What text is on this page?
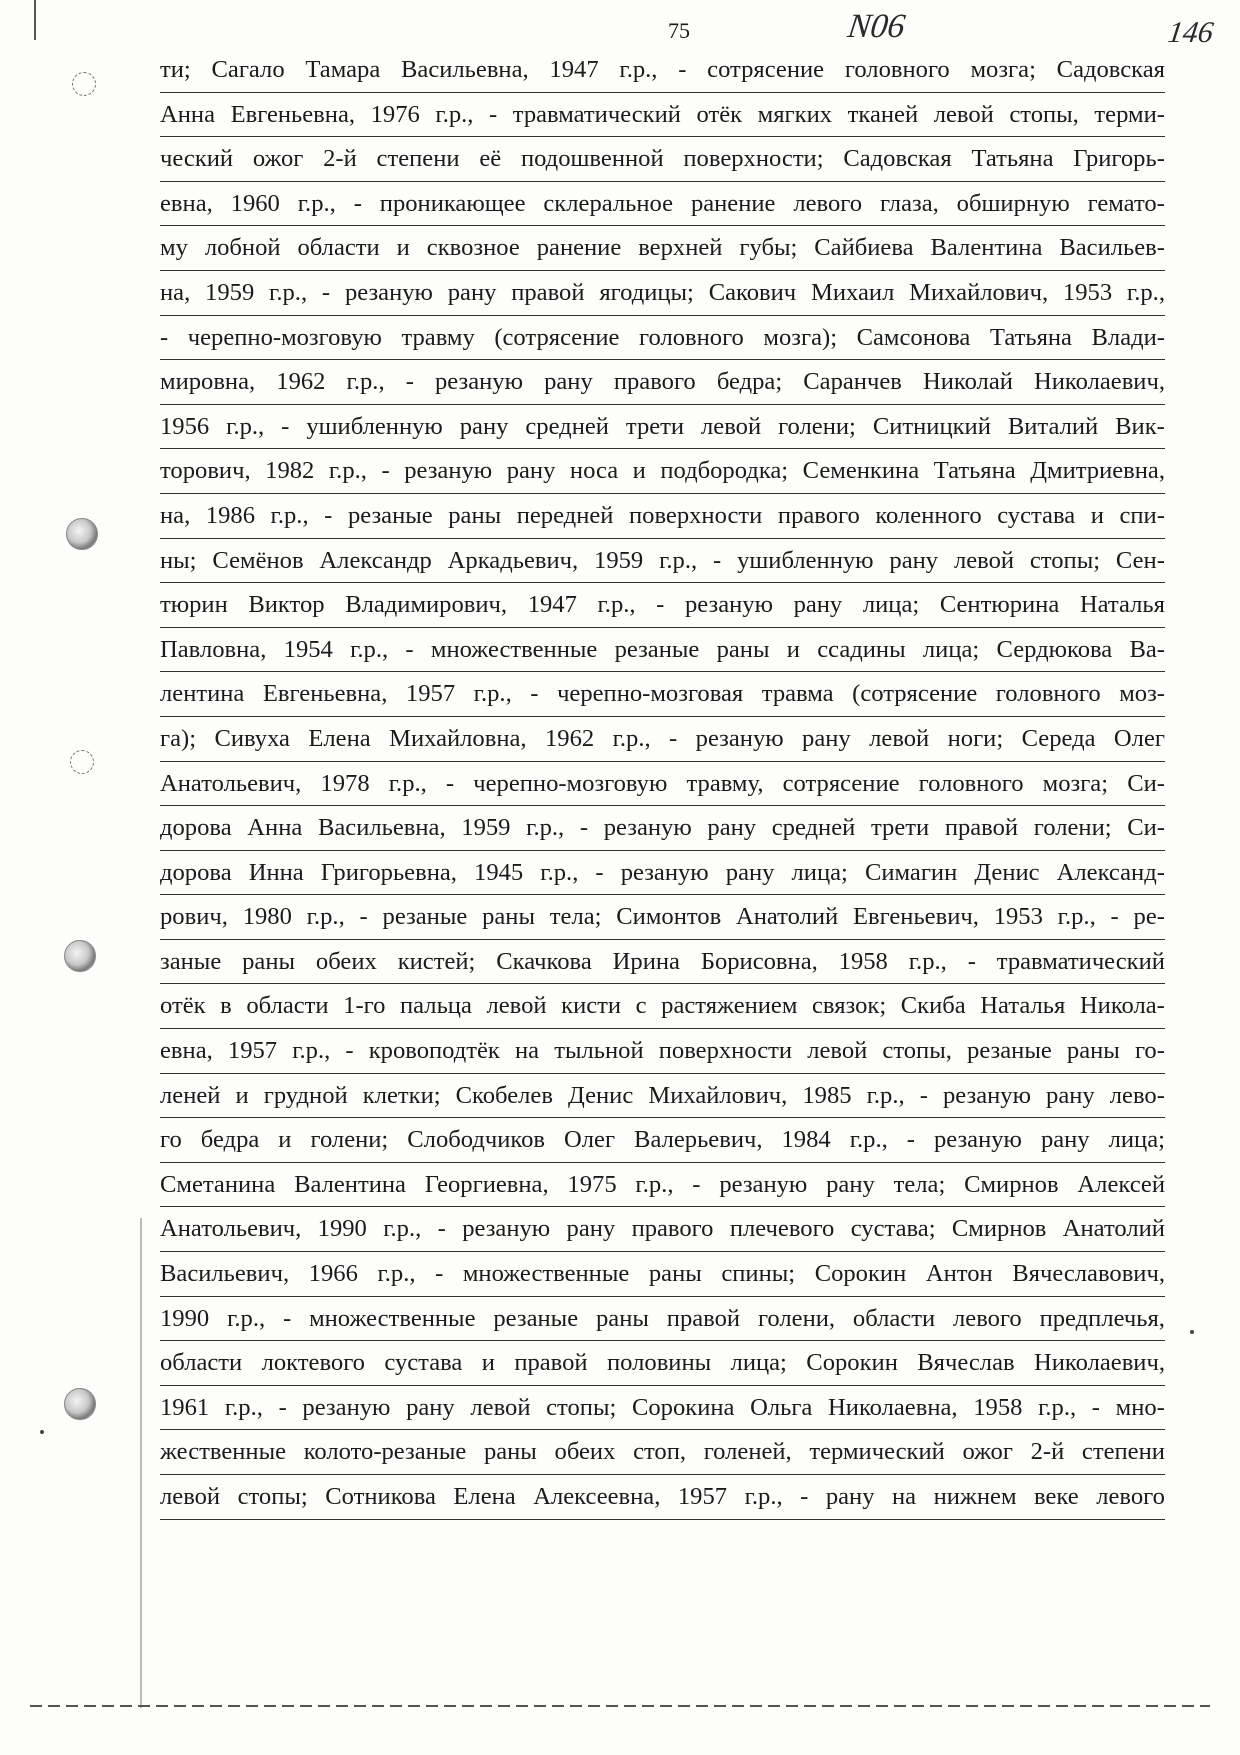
75	N06	146
ти; Сагало Тамара Васильевна, 1947 г.р., - сотрясение головного мозга; Садовская
Анна Евгеньевна, 1976 г.р., - травматический отёк мягких тканей левой стопы, терми-
ческий ожог 2-й степени её подошвенной поверхности; Садовская Татьяна Григорь-
евна, 1960 г.р., - проникающее склеральное ранение левого глаза, обширную гемато-
му лобной области и сквозное ранение верхней губы; Сайбиева Валентина Васильев-
на, 1959 г.р., - резаную рану правой ягодицы; Сакович Михаил Михайлович, 1953 г.р.,
- черепно-мозговую травму (сотрясение головного мозга); Самсонова Татьяна Влади-
мировна, 1962 г.р., - резаную рану правого бедра; Саранчев Николай Николаевич,
1956 г.р., - ушибленную рану средней трети левой голени; Ситницкий Виталий Вик-
торович, 1982 г.р., - резаную рану носа и подбородка; Семенкина Татьяна Дмитриевна,
на, 1986 г.р., - резаные раны передней поверхности правого коленного сустава и спи-
ны; Семёнов Александр Аркадьевич, 1959 г.р., - ушибленную рану левой стопы; Сен-
тюрин Виктор Владимирович, 1947 г.р., - резаную рану лица; Сентюрина Наталья
Павловна, 1954 г.р., - множественные резаные раны и ссадины лица; Сердюкова Ва-
лентина Евгеньевна, 1957 г.р., - черепно-мозговая травма (сотрясение головного моз-
га); Сивуха Елена Михайловна, 1962 г.р., - резаную рану левой ноги; Середа Олег
Анатольевич, 1978 г.р., - черепно-мозговую травму, сотрясение головного мозга; Си-
дорова Анна Васильевна, 1959 г.р., - резаную рану средней трети правой голени; Си-
дорова Инна Григорьевна, 1945 г.р., - резаную рану лица; Симагин Денис Александ-
рович, 1980 г.р., - резаные раны тела; Симонтов Анатолий Евгеньевич, 1953 г.р., - ре-
заные раны обеих кистей; Скачкова Ирина Борисовна, 1958 г.р., - травматический
отёк в области 1-го пальца левой кисти с растяжением связок; Скиба Наталья Никола-
евна, 1957 г.р., - кровоподтёк на тыльной поверхности левой стопы, резаные раны го-
леней и грудной клетки; Скобелев Денис Михайлович, 1985 г.р., - резаную рану лево-
го бедра и голени; Слободчиков Олег Валерьевич, 1984 г.р., - резаную рану лица;
Сметанина Валентина Георгиевна, 1975 г.р., - резаную рану тела; Смирнов Алексей
Анатольевич, 1990 г.р., - резаную рану правого плечевого сустава; Смирнов Анатолий
Васильевич, 1966 г.р., - множественные раны спины; Сорокин Антон Вячеславович,
1990 г.р., - множественные резаные раны правой голени, области левого предплечья,
области локтевого сустава и правой половины лица; Сорокин Вячеслав Николаевич,
1961 г.р., - резаную рану левой стопы; Сорокина Ольга Николаевна, 1958 г.р., - мно-
жественные колото-резаные раны обеих стоп, голеней, термический ожог 2-й степени
левой стопы; Сотникова Елена Алексеевна, 1957 г.р., - рану на нижнем веке левого
